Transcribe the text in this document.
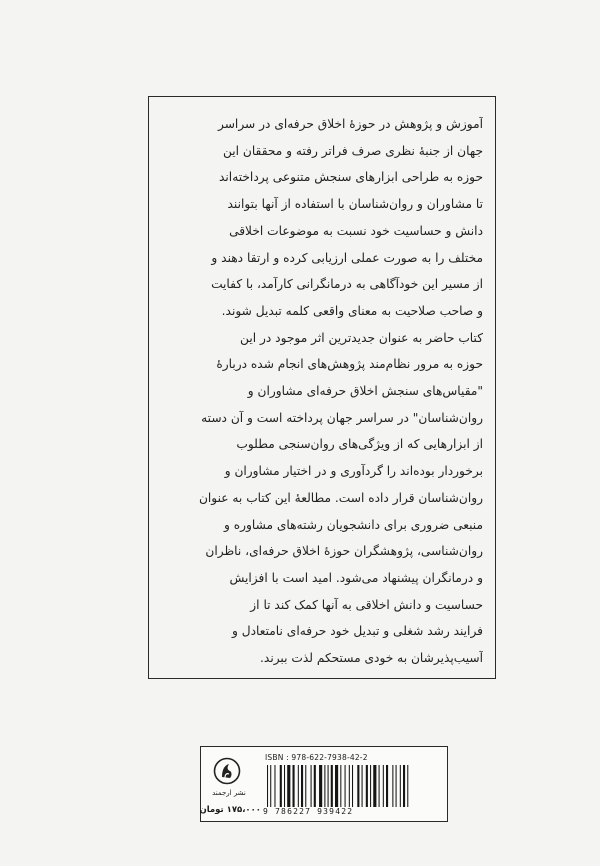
آموزش و پژوهش در حوزۀ اخلاق حرفه‌ای در سراسر
جهان از جنبۀ نظری صرف فراتر رفته و محققان این
حوزه به طراحی ابزارهای سنجش متنوعی پرداخته‌اند
تا مشاوران و روان‌شناسان با استفاده از آنها بتوانند
دانش و حساسیت خود نسبت به موضوعات اخلاقی
مختلف را به صورت عملی ارزیابی کرده و ارتقا دهند و
از مسیر این خودآگاهی به درمانگرانی کارآمد، با کفایت
و صاحب صلاحیت به معنای واقعی کلمه تبدیل شوند.
کتاب حاضر به عنوان جدیدترین اثر موجود در این
حوزه به مرور نظام‌مند پژوهش‌های انجام شده دربارۀ
"مقیاس‌های سنجش اخلاق حرفه‌ای مشاوران و
روان‌شناسان" در سراسر جهان پرداخته است و آن دسته
از ابزارهایی که از ویژگی‌های روان‌سنجی مطلوب
برخوردار بوده‌اند را گردآوری و در اختیار مشاوران و
روان‌شناسان قرار داده است. مطالعۀ این کتاب به عنوان
منبعی ضروری برای دانشجویان رشته‌های مشاوره و
روان‌شناسی، پژوهشگران حوزۀ اخلاق حرفه‌ای، ناظران
و درمانگران پیشنهاد می‌شود. امید است با افزایش
حساسیت و دانش اخلاقی به آنها کمک کند تا از
فرایند رشد شغلی و تبدیل خود حرفه‌ای نامتعادل و
آسیب‌پذیرشان به خودی مستحکم لذت ببرند.
نشر ارجمند
۱۷۵،۰۰۰ تومان
ISBN : 978-622-7938-42-2
9 786227 939422
